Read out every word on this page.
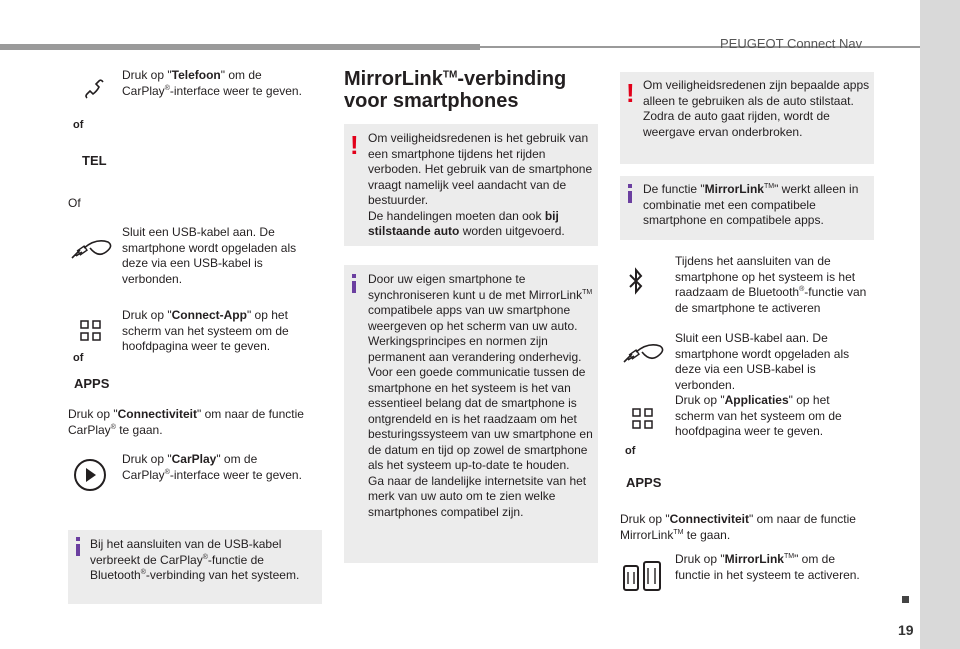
PEUGEOT Connect Nav
19
Druk op "Telefoon" om de CarPlay®-interface weer te geven.
of
TEL
Of
Sluit een USB-kabel aan. De smartphone wordt opgeladen als deze via een USB-kabel is verbonden.
Druk op "Connect-App" op het scherm van het systeem om de hoofdpagina weer te geven.
of
APPS
Druk op "Connectiviteit" om naar de functie CarPlay® te gaan.
Druk op "CarPlay" om de CarPlay®-interface weer te geven.
Bij het aansluiten van de USB-kabel verbreekt de CarPlay®-functie de Bluetooth®-verbinding van het systeem.
MirrorLink™-verbinding
voor smartphones
! Om veiligheidsredenen is het gebruik van een smartphone tijdens het rijden verboden. Het gebruik van de smartphone vraagt namelijk veel aandacht van de bestuurder.
De handelingen moeten dan ook bij stilstaande auto worden uitgevoerd.
Door uw eigen smartphone te synchroniseren kunt u de met MirrorLink™ compatibele apps van uw smartphone weergeven op het scherm van uw auto.
Werkingsprincipes en normen zijn permanent aan verandering onderhevig. Voor een goede communicatie tussen de smartphone en het systeem is het van essentieel belang dat de smartphone is ontgrendeld en is het raadzaam om het besturingssysteem van uw smartphone en de datum en tijd op zowel de smartphone als het systeem up-to-date te houden.
Ga naar de landelijke internetsite van het merk van uw auto om te zien welke smartphones compatibel zijn.
! Om veiligheidsredenen zijn bepaalde apps alleen te gebruiken als de auto stilstaat. Zodra de auto gaat rijden, wordt de weergave ervan onderbroken.
De functie "MirrorLink™" werkt alleen in combinatie met een compatibele smartphone en compatibele apps.
Tijdens het aansluiten van de smartphone op het systeem is het raadzaam de Bluetooth®-functie van de smartphone te activeren
Sluit een USB-kabel aan. De smartphone wordt opgeladen als deze via een USB-kabel is verbonden.
Druk op "Applicaties" op het scherm van het systeem om de hoofdpagina weer te geven.
of
APPS
Druk op "Connectiviteit" om naar de functie MirrorLink™ te gaan.
Druk op "MirrorLink™" om de functie in het systeem te activeren.
